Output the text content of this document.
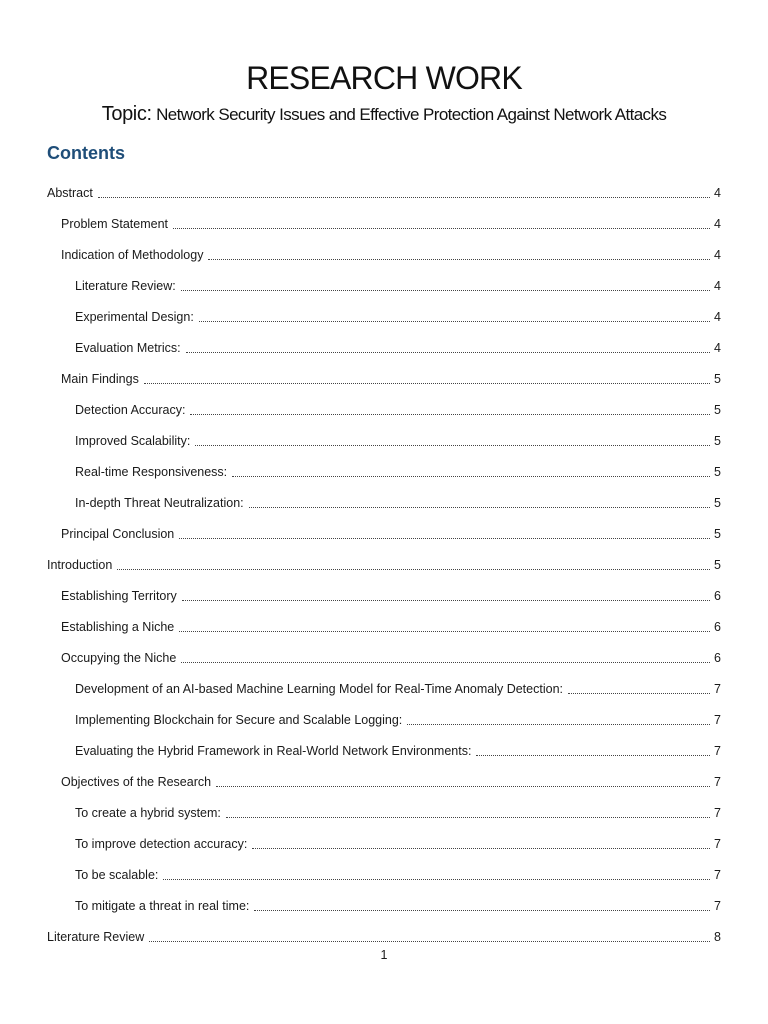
RESEARCH WORK
Topic: Network Security Issues and Effective Protection Against Network Attacks
Contents
Abstract	4
Problem Statement	4
Indication of Methodology	4
Literature Review:	4
Experimental Design:	4
Evaluation Metrics:	4
Main Findings	5
Detection Accuracy:	5
Improved Scalability:	5
Real-time Responsiveness:	5
In-depth Threat Neutralization:	5
Principal Conclusion	5
Introduction	5
Establishing Territory	6
Establishing a Niche	6
Occupying the Niche	6
Development of an AI-based Machine Learning Model for Real-Time Anomaly Detection:	7
Implementing Blockchain for Secure and Scalable Logging:	7
Evaluating the Hybrid Framework in Real-World Network Environments:	7
Objectives of the Research	7
To create a hybrid system:	7
To improve detection accuracy:	7
To be scalable:	7
To mitigate a threat in real time:	7
Literature Review	8
1
